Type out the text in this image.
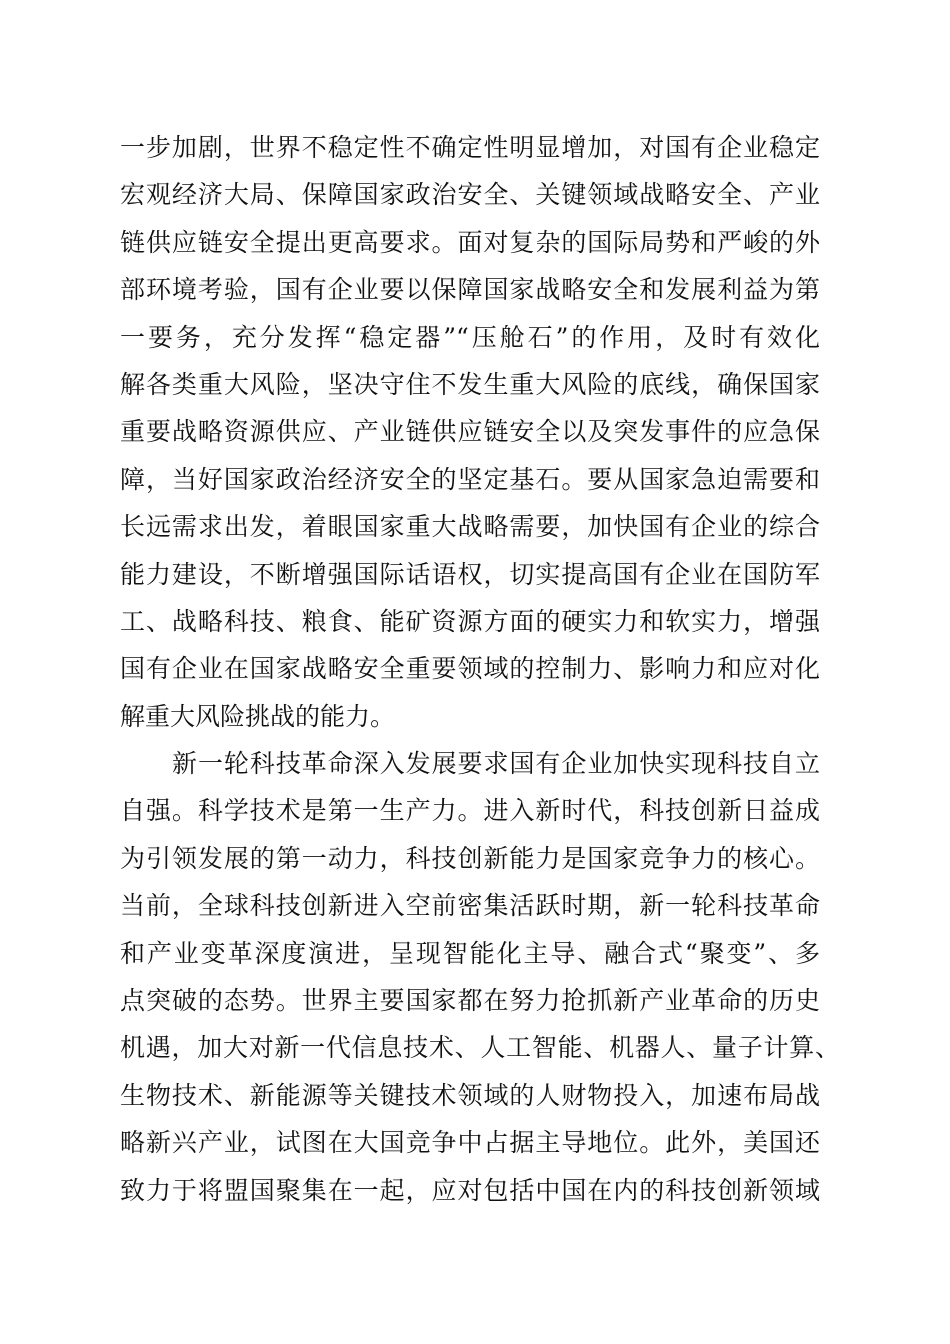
一步加剧，世界不稳定性不确定性明显增加，对国有企业稳定
宏观经济大局、保障国家政治安全、关键领域战略安全、产业
链供应链安全提出更高要求。面对复杂的国际局势和严峻的外
部环境考验，国有企业要以保障国家战略安全和发展利益为第
一要务，充分发挥“稳定器”“压舱石”的作用，及时有效化
解各类重大风险，坚决守住不发生重大风险的底线，确保国家
重要战略资源供应、产业链供应链安全以及突发事件的应急保
障，当好国家政治经济安全的坚定基石。要从国家急迫需要和
长远需求出发，着眼国家重大战略需要，加快国有企业的综合
能力建设，不断增强国际话语权，切实提高国有企业在国防军
工、战略科技、粮食、能矿资源方面的硬实力和软实力，增强
国有企业在国家战略安全重要领域的控制力、影响力和应对化
解重大风险挑战的能力。
新一轮科技革命深入发展要求国有企业加快实现科技自立
自强。科学技术是第一生产力。进入新时代，科技创新日益成
为引领发展的第一动力，科技创新能力是国家竞争力的核心。
当前，全球科技创新进入空前密集活跃时期，新一轮科技革命
和产业变革深度演进，呈现智能化主导、融合式“聚变”、多
点突破的态势。世界主要国家都在努力抢抓新产业革命的历史
机遇，加大对新一代信息技术、人工智能、机器人、量子计算、
生物技术、新能源等关键技术领域的人财物投入，加速布局战
略新兴产业，试图在大国竞争中占据主导地位。此外，美国还
致力于将盟国聚集在一起，应对包括中国在内的科技创新领域
